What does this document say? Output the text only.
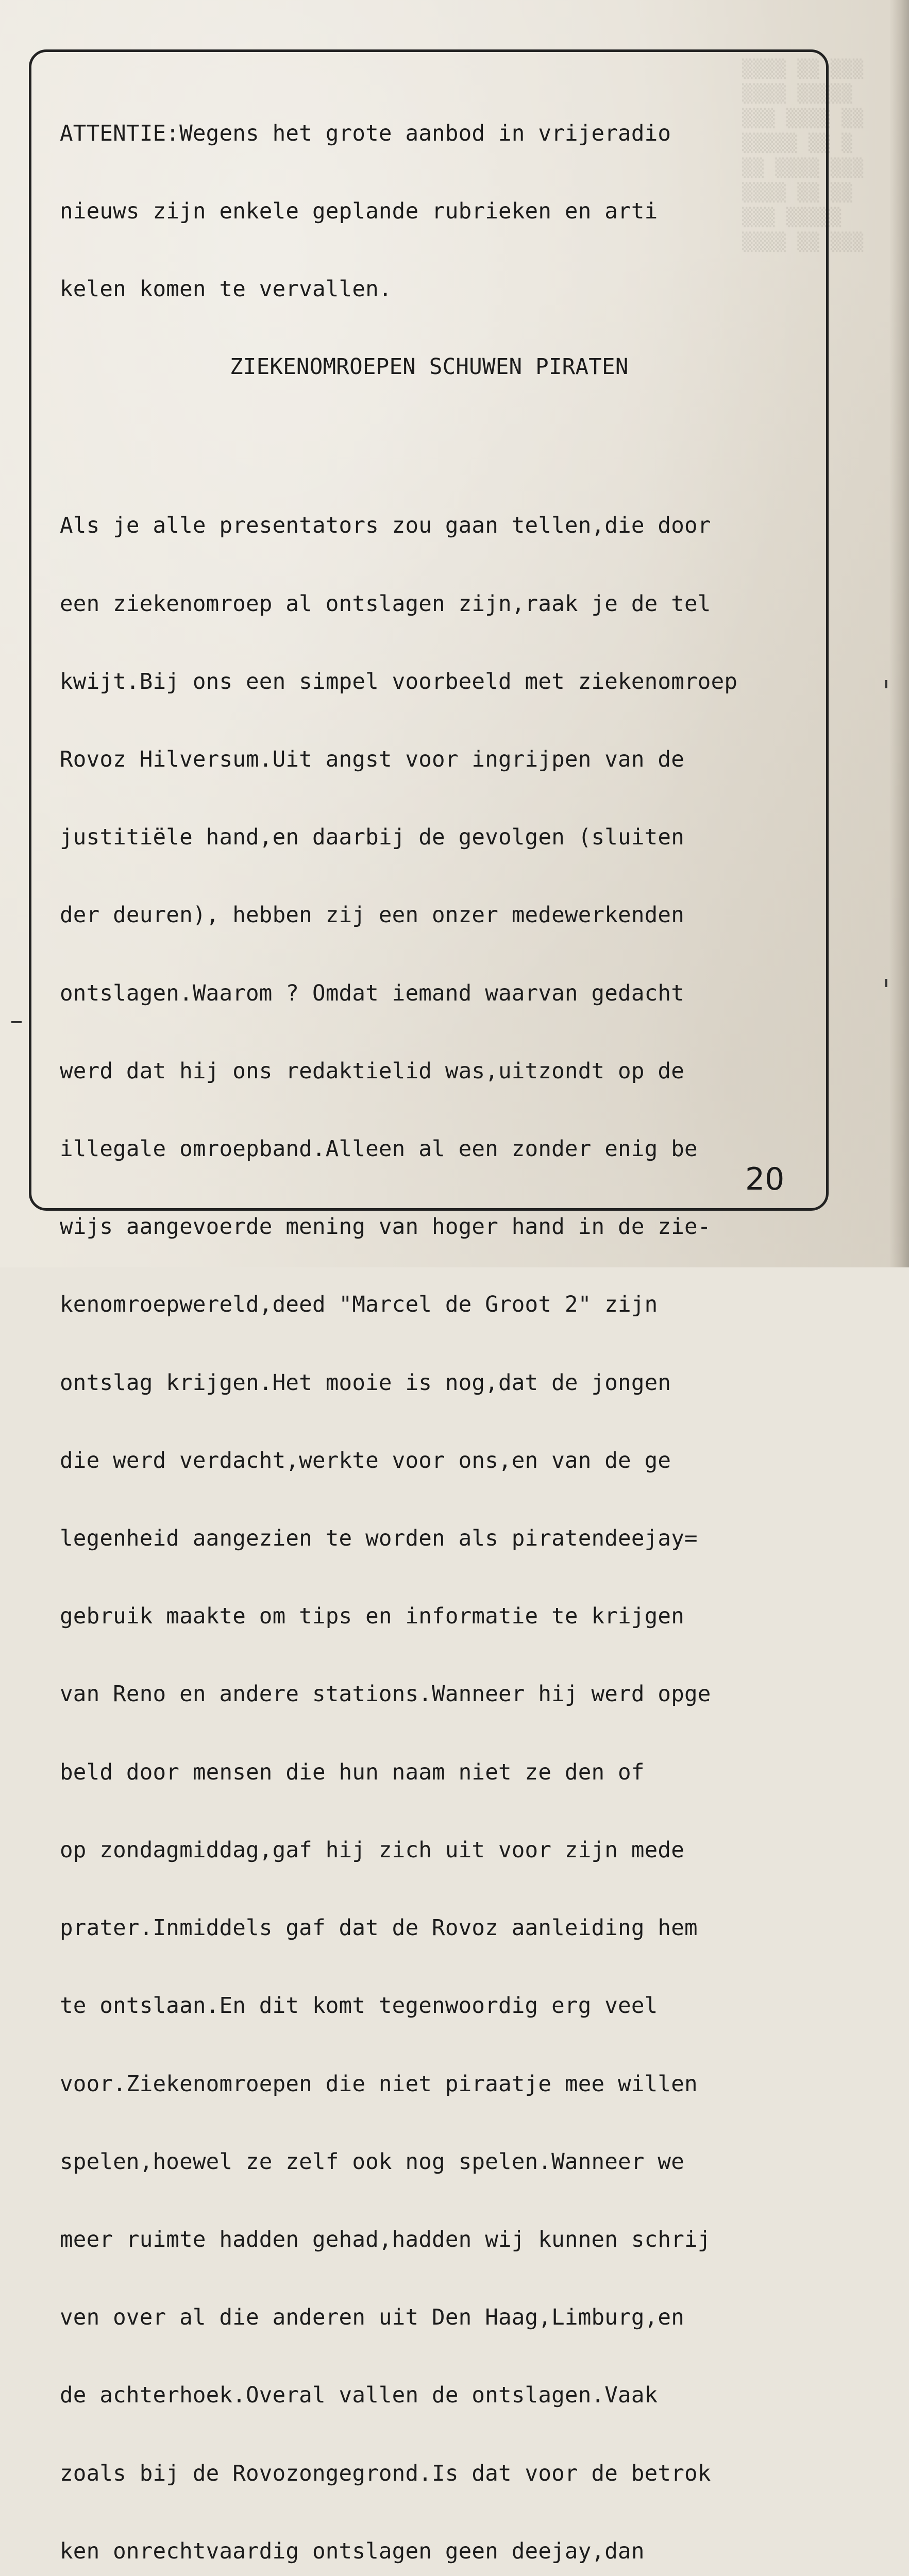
▒▒▒▒ ▒▒ ▒▒▒
▒▒▒▒ ▒▒▒▒▒
▒▒▒ ▒▒▒▒ ▒▒
▒▒▒▒▒ ▒▒ ▒
▒▒ ▒▒▒▒ ▒▒▒
▒▒▒▒ ▒▒ ▒▒
▒▒▒ ▒▒▒▒▒
▒▒▒▒ ▒▒ ▒▒▒

ATTENTIE:Wegens het grote aanbod in vrijeradio

nieuws zijn enkele geplande rubrieken en arti

kelen komen te vervallen.

ZIEKENOMROEPEN SCHUWEN PIRATEN

Als je alle presentators zou gaan tellen,die door

een ziekenomroep al ontslagen zijn,raak je de tel

kwijt.Bij ons een simpel voorbeeld met ziekenomroep

Rovoz Hilversum.Uit angst voor ingrijpen van de

justitiële hand,en daarbij de gevolgen (sluiten

der deuren), hebben zij een onzer medewerkenden

ontslagen.Waarom ? Omdat iemand waarvan gedacht

werd dat hij ons redaktielid was,uitzondt op de

illegale omroepband.Alleen al een zonder enig be

wijs aangevoerde mening van hoger hand in de zie-

kenomroepwereld,deed "Marcel de Groot 2" zijn

ontslag krijgen.Het mooie is nog,dat de jongen

die werd verdacht,werkte voor ons,en van de ge

legenheid aangezien te worden als piratendeejay=

gebruik maakte om tips en informatie te krijgen

van Reno en andere stations.Wanneer hij werd opge

beld door mensen die hun naam niet ze den of

op zondagmiddag,gaf hij zich uit voor zijn mede

prater.Inmiddels gaf dat de Rovoz aanleiding hem

te ontslaan.En dit komt tegenwoordig erg veel

voor.Ziekenomroepen die niet piraatje mee willen

spelen,hoewel ze zelf ook nog spelen.Wanneer we

meer ruimte hadden gehad,hadden wij kunnen schrij

ven over al die anderen uit Den Haag,Limburg,en

de achterhoek.Overal vallen de ontslagen.Vaak

zoals bij de Rovozongegrond.Is dat voor de betrok

ken onrechtvaardig ontslagen geen deejay,dan

20
